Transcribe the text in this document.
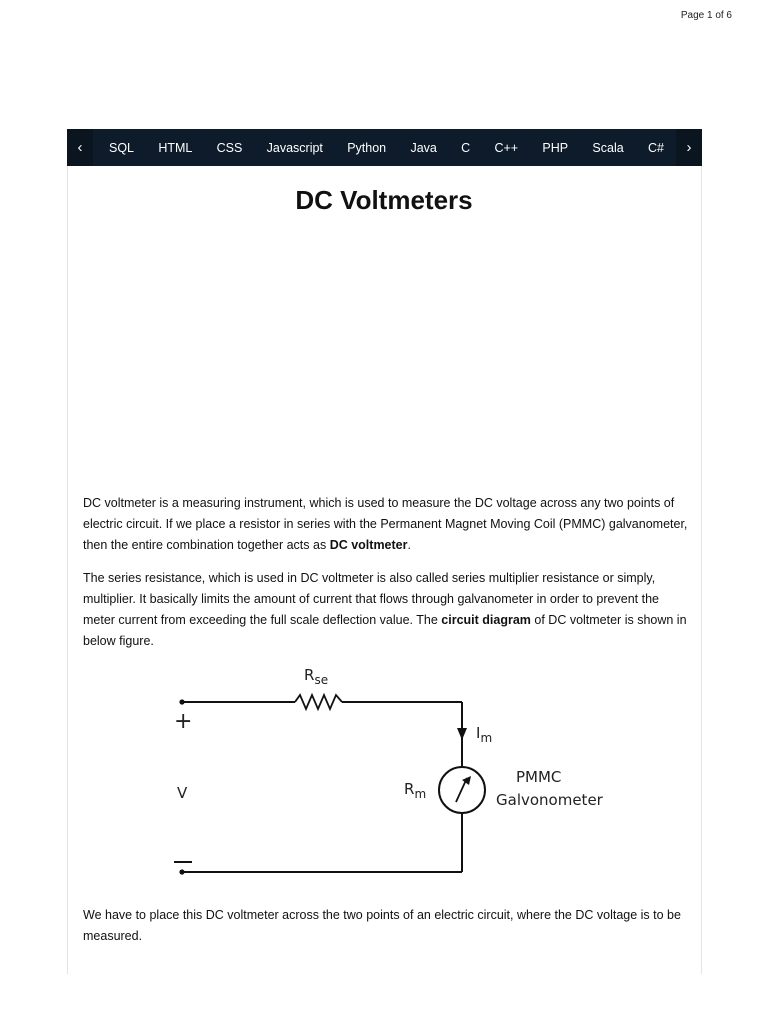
Page 1 of 6
‹	SQL HTML CSS Javascript Python Java C C++ PHP Scala C#	›
DC Voltmeters

DC voltmeter is a measuring instrument, which is used to measure the DC voltage across any two points of electric circuit. If we place a resistor in series with the Permanent Magnet Moving Coil (PMMC) galvanometer, then the entire combination together acts as DC voltmeter.

The series resistance, which is used in DC voltmeter is also called series multiplier resistance or simply, multiplier. It basically limits the amount of current that flows through galvanometer in order to prevent the meter current from exceeding the full scale deflection value. The circuit diagram of DC voltmeter is shown in below figure.

$R_{se}$
$I_m$
$R_m$
+
V
PMMC
Galvonometer

We have to place this DC voltmeter across the two points of an electric circuit, where the DC voltage is to be measured.
